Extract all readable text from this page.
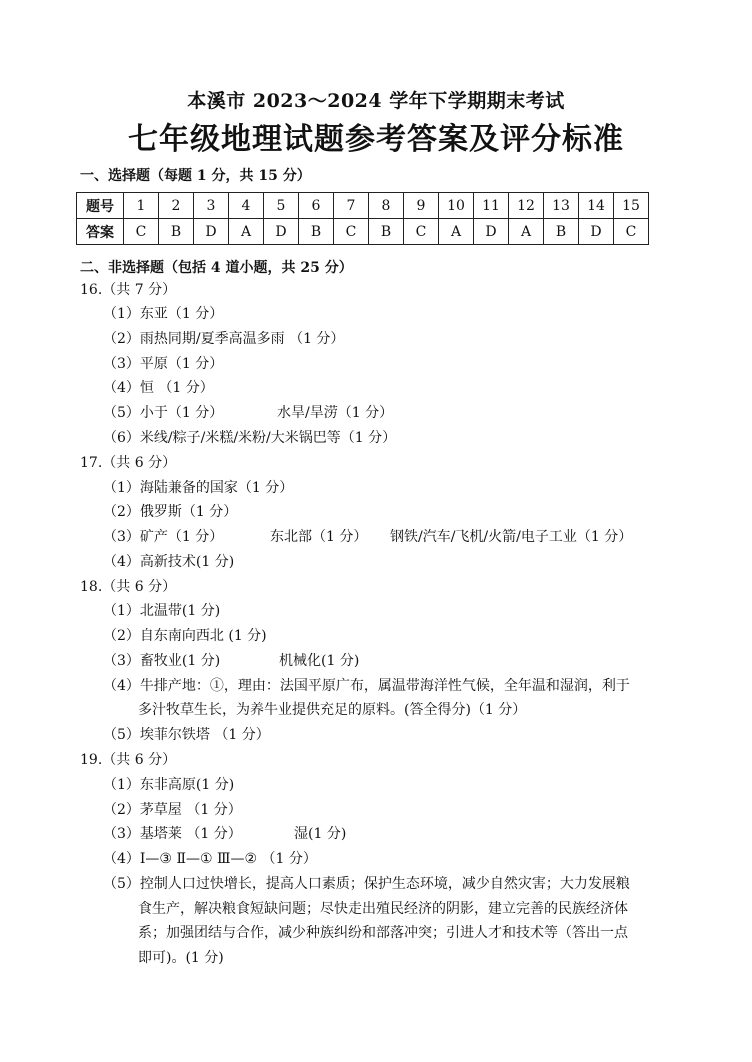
本溪市 2023～2024 学年下学期期末考试
七年级地理试题参考答案及评分标准
一、选择题（每题 1 分，共 15 分）
题号	1	2	3	4	5	6	7	8	9	10	11	12	13	14	15
答案	C	B	D	A	D	B	C	B	C	A	D	A	B	D	C
二、非选择题（包括 4 道小题，共 25 分）
16.（共 7 分）
（1）东亚（1 分）
（2）雨热同期/夏季高温多雨 （1 分）
（3）平原（1 分）
（4）恒 （1 分）
（5）小于（1 分）	水旱/旱涝（1 分）
（6）米线/粽子/米糕/米粉/大米锅巴等（1 分）
17.（共 6 分）
（1）海陆兼备的国家（1 分）
（2）俄罗斯（1 分）
（3）矿产（1 分）	东北部（1 分） 钢铁/汽车/飞机/火箭/电子工业（1 分）
（4）高新技术(1 分)
18.（共 6 分）
（1）北温带(1 分)
（2）自东南向西北 (1 分)
（3）畜牧业(1 分)	机械化(1 分)
（4）牛排产地：①，理由：法国平原广布，属温带海洋性气候，全年温和湿润，利于
多汁牧草生长，为养牛业提供充足的原料。(答全得分)（1 分）
（5）埃菲尔铁塔 （1 分）
19.（共 6 分）
（1）东非高原(1 分)
（2）茅草屋 （1 分）
（3）基塔莱 （1 分）	湿(1 分)
（4）Ⅰ—③ Ⅱ—① Ⅲ—② （1 分）
（5）控制人口过快增长，提高人口素质；保护生态环境，减少自然灾害；大力发展粮
食生产，解决粮食短缺问题；尽快走出殖民经济的阴影，建立完善的民族经济体
系；加强团结与合作，减少种族纠纷和部落冲突；引进人才和技术等（答出一点
即可)。(1 分)
